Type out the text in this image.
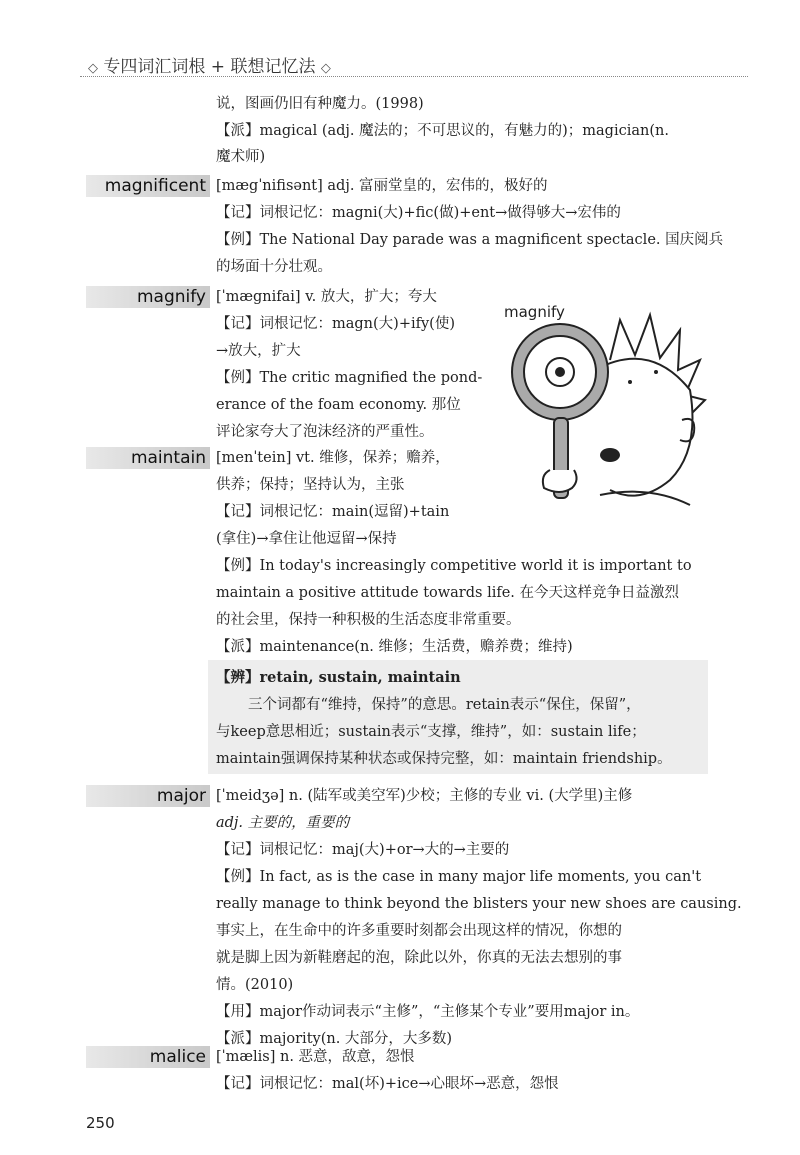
◇ 专四词汇词根 + 联想记忆法 ◇
说，图画仍旧有种魔力。(1998)
【派】magical (adj. 魔法的；不可思议的，有魅力的)；magician(n.
魔术师)
magnificent [mægˈnifisənt] adj. 富丽堂皇的，宏伟的，极好的
【记】词根记忆：magni(大)+fic(做)+ent→做得够大→宏伟的
【例】The National Day parade was a magnificent spectacle. 国庆阅兵
的场面十分壮观。
magnify [ˈmægnifai] v. 放大，扩大；夸大
【记】词根记忆：magn(大)+ify(使)
→放大，扩大
【例】The critic magnified the pond-
erance of the foam economy. 那位
评论家夸大了泡沫经济的严重性。
magnify
maintain [menˈtein] vt. 维修，保养；赡养，
供养；保持；坚持认为，主张
【记】词根记忆：main(逗留)+tain
(拿住)→拿住让他逗留→保持
【例】In today's increasingly competitive world it is important to
maintain a positive attitude towards life. 在今天这样竞争日益激烈
的社会里，保持一种积极的生活态度非常重要。
【派】maintenance(n. 维修；生活费，赡养费；维持)
【辨】retain, sustain, maintain
三个词都有“维持，保持”的意思。retain表示“保住，保留”，
与keep意思相近；sustain表示“支撑，维持”，如：sustain life；
maintain强调保持某种状态或保持完整，如：maintain friendship。
major [ˈmeidʒə] n. (陆军或美空军)少校；主修的专业 vi. (大学里)主修
adj. 主要的，重要的
【记】词根记忆：maj(大)+or→大的→主要的
【例】In fact, as is the case in many major life moments, you can't
really manage to think beyond the blisters your new shoes are causing.
事实上，在生命中的许多重要时刻都会出现这样的情况，你想的
就是脚上因为新鞋磨起的泡，除此以外，你真的无法去想别的事
情。(2010)
【用】major作动词表示“主修”，“主修某个专业”要用major in。
【派】majority(n. 大部分，大多数)
malice [ˈmælis] n. 恶意，敌意，怨恨
【记】词根记忆：mal(坏)+ice→心眼坏→恶意，怨恨
250
